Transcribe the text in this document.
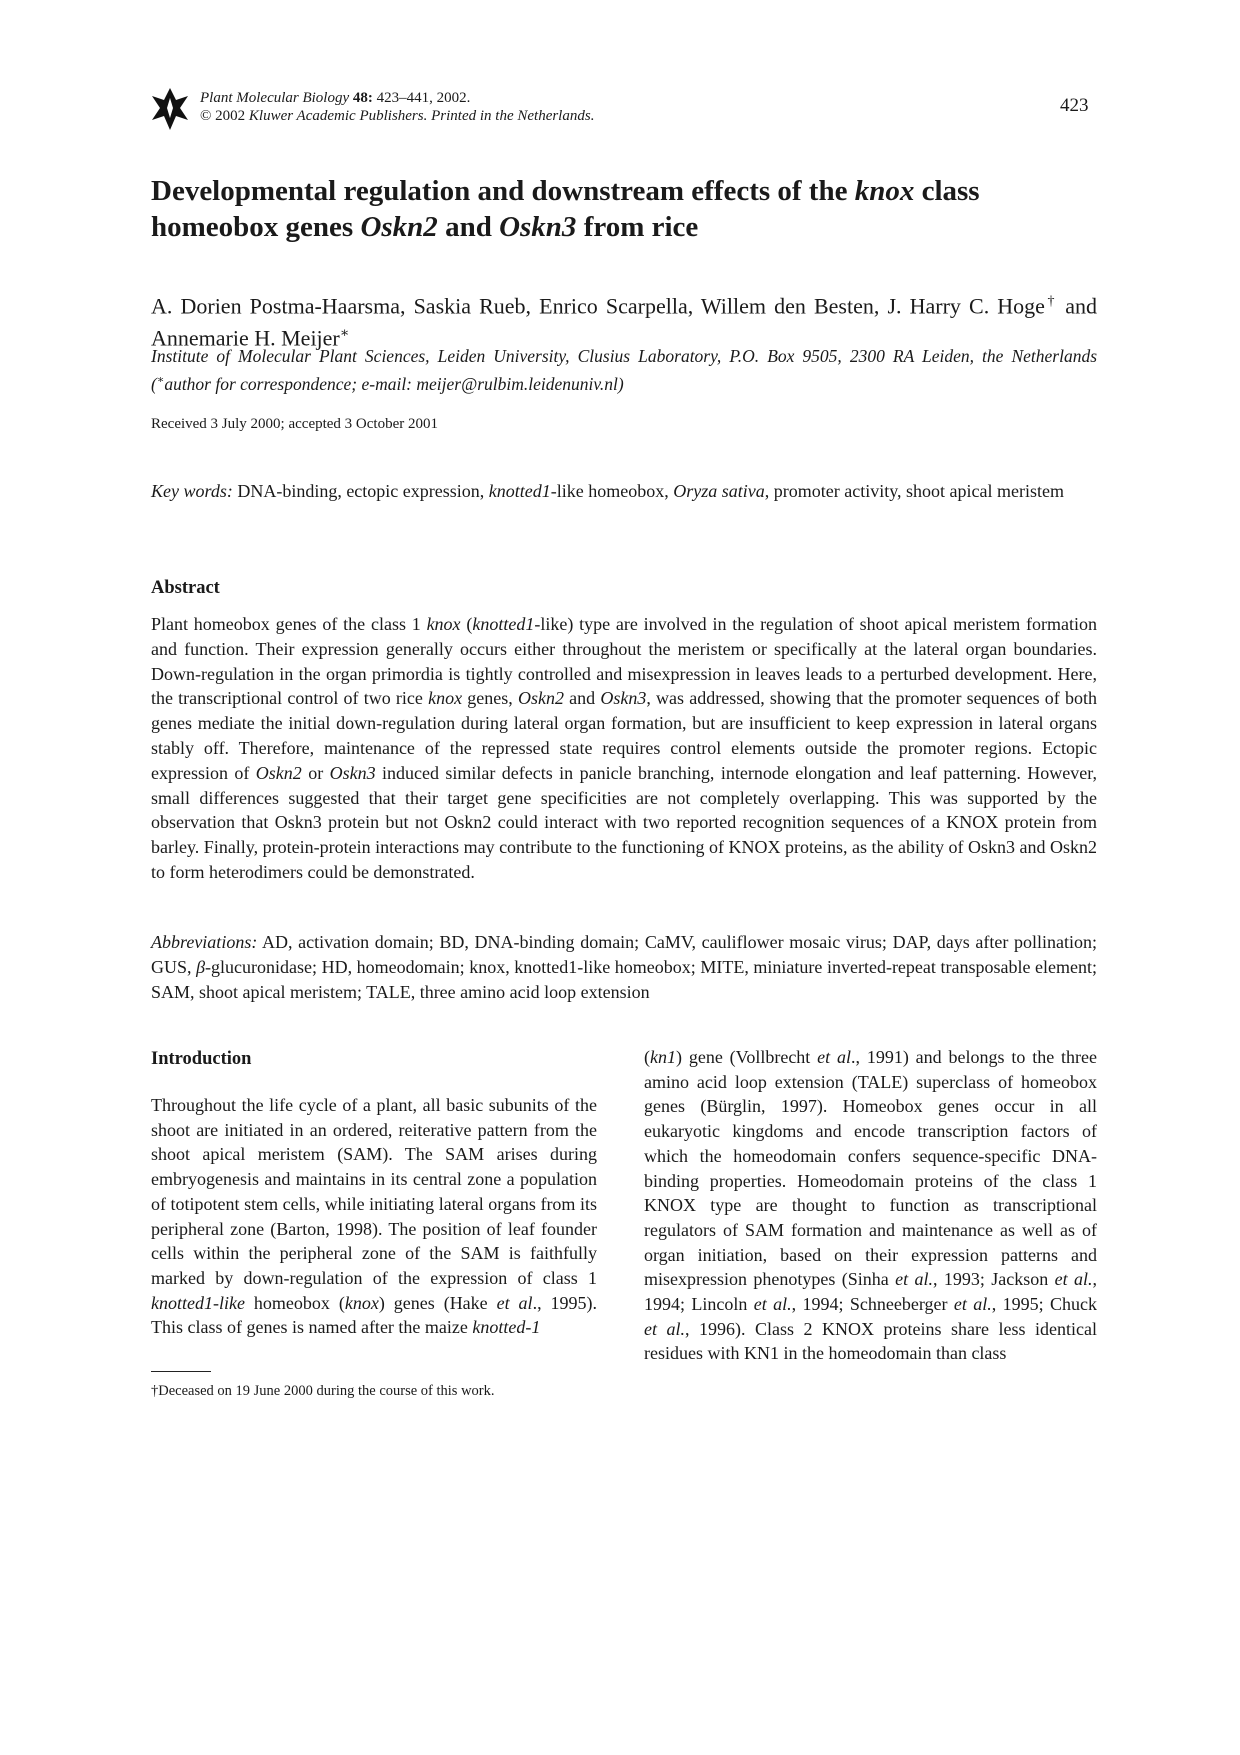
Plant Molecular Biology 48: 423–441, 2002.
© 2002 Kluwer Academic Publishers. Printed in the Netherlands.	423
Developmental regulation and downstream effects of the knox class homeobox genes Oskn2 and Oskn3 from rice
A. Dorien Postma-Haarsma, Saskia Rueb, Enrico Scarpella, Willem den Besten, J. Harry C. Hoge† and Annemarie H. Meijer∗
Institute of Molecular Plant Sciences, Leiden University, Clusius Laboratory, P.O. Box 9505, 2300 RA Leiden, the Netherlands (∗author for correspondence; e-mail: meijer@rulbim.leidenuniv.nl)
Received 3 July 2000; accepted 3 October 2001
Key words: DNA-binding, ectopic expression, knotted1-like homeobox, Oryza sativa, promoter activity, shoot apical meristem
Abstract

Plant homeobox genes of the class 1 knox (knotted1-like) type are involved in the regulation of shoot apical meristem formation and function. Their expression generally occurs either throughout the meristem or specifically at the lateral organ boundaries. Down-regulation in the organ primordia is tightly controlled and misexpression in leaves leads to a perturbed development. Here, the transcriptional control of two rice knox genes, Oskn2 and Oskn3, was addressed, showing that the promoter sequences of both genes mediate the initial down-regulation during lateral organ formation, but are insufficient to keep expression in lateral organs stably off. Therefore, maintenance of the repressed state requires control elements outside the promoter regions. Ectopic expression of Oskn2 or Oskn3 induced similar defects in panicle branching, internode elongation and leaf patterning. However, small differences suggested that their target gene specificities are not completely overlapping. This was supported by the observation that Oskn3 protein but not Oskn2 could interact with two reported recognition sequences of a KNOX protein from barley. Finally, protein-protein interactions may contribute to the functioning of KNOX proteins, as the ability of Oskn3 and Oskn2 to form heterodimers could be demonstrated.

Abbreviations: AD, activation domain; BD, DNA-binding domain; CaMV, cauliflower mosaic virus; DAP, days after pollination; GUS, β-glucuronidase; HD, homeodomain; knox, knotted1-like homeobox; MITE, miniature inverted-repeat transposable element; SAM, shoot apical meristem; TALE, three amino acid loop extension

Introduction

Throughout the life cycle of a plant, all basic subunits of the shoot are initiated in an ordered, reiterative pattern from the shoot apical meristem (SAM). The SAM arises during embryogenesis and maintains in its central zone a population of totipotent stem cells, while initiating lateral organs from its peripheral zone (Barton, 1998). The position of leaf founder cells within the peripheral zone of the SAM is faithfully marked by down-regulation of the expression of class 1 knotted1-like homeobox (knox) genes (Hake et al., 1995). This class of genes is named after the maize knotted-1

(kn1) gene (Vollbrecht et al., 1991) and belongs to the three amino acid loop extension (TALE) superclass of homeobox genes (Bürglin, 1997). Homeobox genes occur in all eukaryotic kingdoms and encode transcription factors of which the homeodomain confers sequence-specific DNA-binding properties. Homeodomain proteins of the class 1 KNOX type are thought to function as transcriptional regulators of SAM formation and maintenance as well as of organ initiation, based on their expression patterns and misexpression phenotypes (Sinha et al., 1993; Jackson et al., 1994; Lincoln et al., 1994; Schneeberger et al., 1995; Chuck et al., 1996). Class 2 KNOX proteins share less identical residues with KN1 in the homeodomain than class

†Deceased on 19 June 2000 during the course of this work.
